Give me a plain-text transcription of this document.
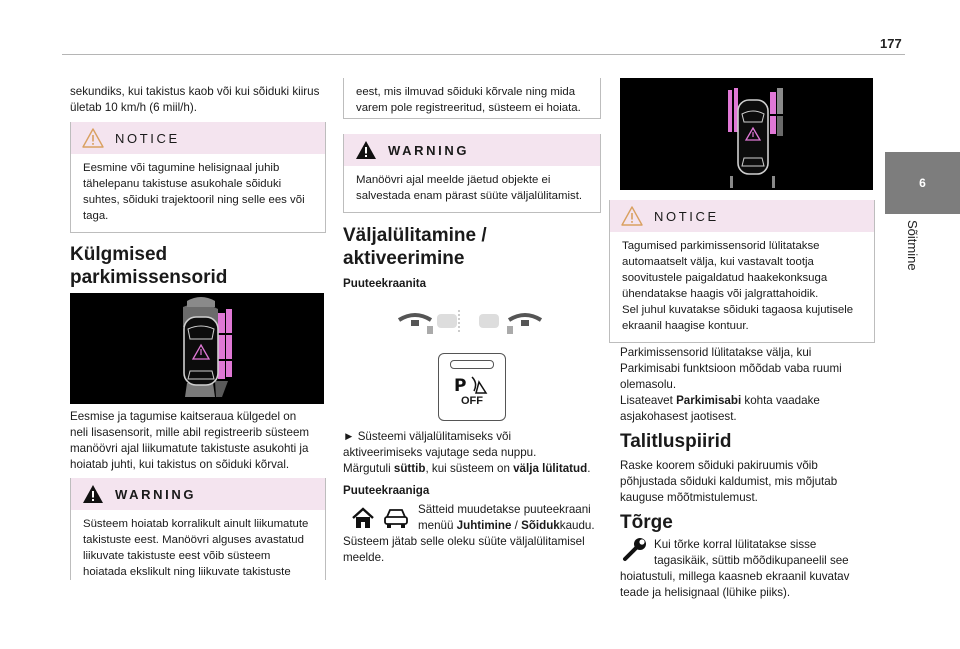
177
6
Sõitmine

sekundiks, kui takistus kaob või kui sõiduki kiirus

ületab 10 km/h (6 miil/h).

NOTICE
Eesmine või tagumine helisignaal juhib
tähelepanu takistuse asukohale sõiduki
suhtes, sõiduki trajektooril ning selle ees või
taga.

Külgmised

parkimissensorid

Eesmise ja tagumise kaitseraua külgedel on

neli lisasensorit, mille abil registreerib süsteem

manöövri ajal liikumatute takistuste asukohti ja

hoiatab juhti, kui takistus on sõiduki kõrval.

WARNING
Süsteem hoiatab korralikult ainult liikumatute
takistuste eest. Manöövri alguses avastatud
liikuvate takistuste eest võib süsteem
hoiatada ekslikult ning liikuvate takistuste
eest, mis ilmuvad sõiduki kõrvale ning mida
varem pole registreeritud, süsteem ei hoiata.
WARNING
Manöövri ajal meelde jäetud objekte ei
salvestada enam pärast süüte väljalülitamist.

Väljalülitamine /

aktiveerimine

Puuteekraanita

P
OFF

► Süsteemi väljalülitamiseks või

aktiveerimiseks vajutage seda nuppu.

Märgutuli süttib, kui süsteem on välja lülitatud.

Puuteekraaniga

Sätteid muudetakse puuteekraani

menüü Juhtimine / Sõidukkaudu.

Süsteem jätab selle oleku süüte väljalülitamisel

meelde.

NOTICE
Tagumised parkimissensorid lülitatakse
automaatselt välja, kui vastavalt tootja
soovitustele paigaldatud haakekonksuga
ühendatakse haagis või jalgrattahoidik.
Sel juhul kuvatakse sõiduki tagaosa kujutisele
ekraanil haagise kontuur.

Parkimissensorid lülitatakse välja, kui

Parkimisabi funktsioon mõõdab vaba ruumi

olemasolu.

Lisateavet Parkimisabi kohta vaadake

asjakohasest jaotisest.

Talitluspiirid

Raske koorem sõiduki pakiruumis võib

põhjustada sõiduki kaldumist, mis mõjutab

kauguse mõõtmistulemust.

Tõrge

Kui tõrke korral lülitatakse sisse

tagasikäik, süttib mõõdikupaneelil see

hoiatustuli, millega kaasneb ekraanil kuvatav

teade ja helisignaal (lühike piiks).
